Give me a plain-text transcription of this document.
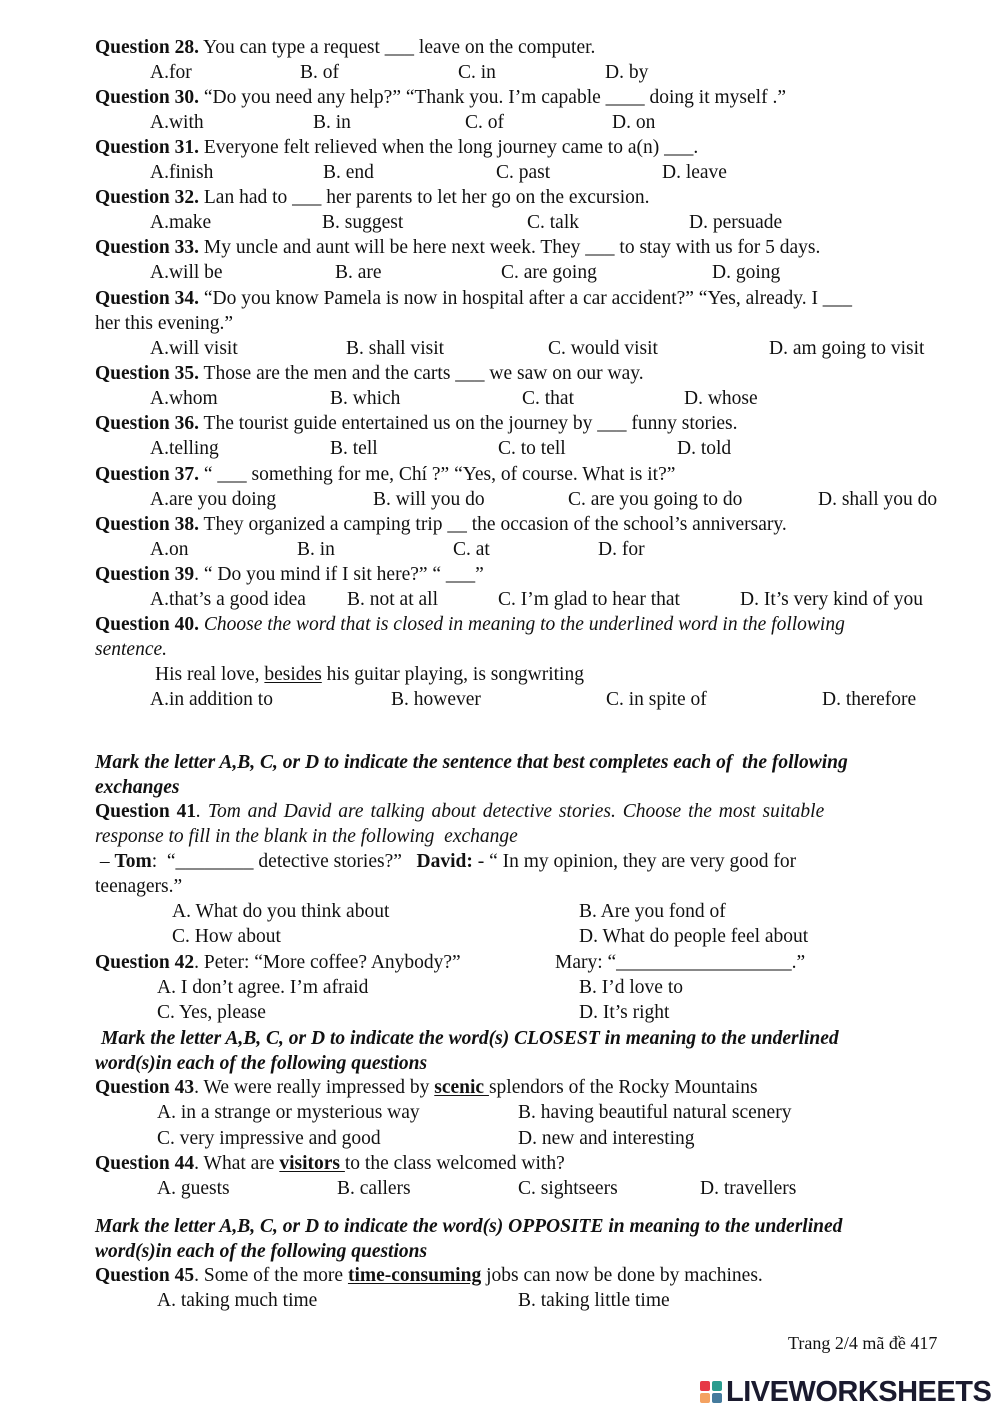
Question 28. You can type a request ___ leave on the computer.
A.for	B. of	C. in	D. by
Question 30. “Do you need any help?” “Thank you. I’m capable ____ doing it myself .”
A.with	B. in	C. of	D. on
Question 31. Everyone felt relieved when the long journey came to a(n) ___.
A.finish	B. end	C. past	D. leave
Question 32. Lan had to ___ her parents to let her go on the excursion.
A.make	B. suggest	C. talk	D. persuade
Question 33. My uncle and aunt will be here next week. They ___ to stay with us for 5 days.
A.will be	B. are	C. are going	D. going
Question 34. “Do you know Pamela is now in hospital after a car accident?” “Yes, already. I ___
her this evening.”
A.will visit	B. shall visit	C. would visit	D. am going to visit
Question 35. Those are the men and the carts ___ we saw on our way.
A.whom	B. which	C. that	D. whose
Question 36. The tourist guide entertained us on the journey by ___ funny stories.
A.telling	B. tell	C. to tell	D. told
Question 37. “ ___ something for me, Chí ?” “Yes, of course. What is it?”
A.are you doing	B. will you do	C. are you going to do	D. shall you do
Question 38. They organized a camping trip __ the occasion of the school’s anniversary.
A.on	B. in	C. at	D. for
Question 39. “ Do you mind if I sit here?” “ ___”
A.that’s a good idea B. not at all	C. I’m glad to hear that	D. It’s very kind of you
Question 40. Choose the word that is closed in meaning to the underlined word in the following
sentence.
His real love, besides his guitar playing, is songwriting
A.in addition to	B. however	C. in spite of	D. therefore
Mark the letter A,B, C, or D to indicate the sentence that best completes each of  the following
exchanges
Question 41. Tom and David are talking about detective stories. Choose the most suitable
response to fill in the blank in the following  exchange
– Tom:  “________ detective stories?”   David: - “ In my opinion, they are very good for
teenagers.”
A. What do you think about	B. Are you fond of
C. How about	D. What do people feel about
Question 42. Peter: “More coffee? Anybody?”	Mary: “__________________.”
A. I don’t agree. I’m afraid	B. I’d love to
C. Yes, please	D. It’s right
Mark the letter A,B, C, or D to indicate the word(s) CLOSEST in meaning to the underlined
word(s)in each of the following questions
Question 43. We were really impressed by scenic splendors of the Rocky Mountains
A. in a strange or mysterious way	B. having beautiful natural scenery
C. very impressive and good	D. new and interesting
Question 44. What are visitors to the class welcomed with?
A. guests	B. callers	C. sightseers	D. travellers
Mark the letter A,B, C, or D to indicate the word(s) OPPOSITE in meaning to the underlined
word(s)in each of the following questions
Question 45. Some of the more time-consuming jobs can now be done by machines.
A. taking much time	B. taking little time
Trang 2/4 mã đề 417
LIVEWORKSHEETS
